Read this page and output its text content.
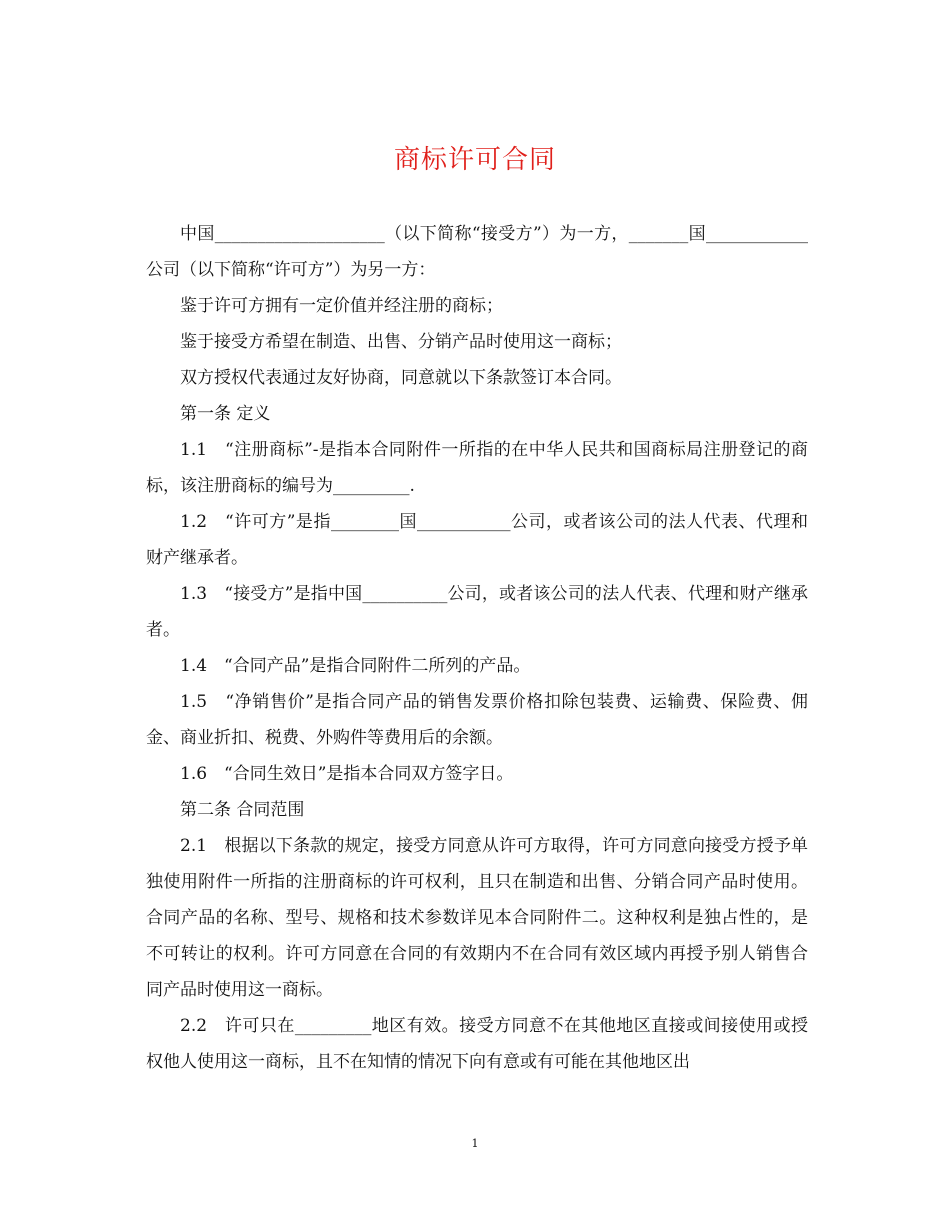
商标许可合同

中国____________________（以下简称“接受方”）为一方，_______国____________公司（以下简称“许可方”）为另一方：

鉴于许可方拥有一定价值并经注册的商标；

鉴于接受方希望在制造、出售、分销产品时使用这一商标；

双方授权代表通过友好协商，同意就以下条款签订本合同。

第一条 定义

1.1　“注册商标”-是指本合同附件一所指的在中华人民共和国商标局注册登记的商标，该注册商标的编号为_________.

1.2　“许可方”是指________国___________公司，或者该公司的法人代表、代理和财产继承者。

1.3　“接受方”是指中国__________公司，或者该公司的法人代表、代理和财产继承者。

1.4　“合同产品”是指合同附件二所列的产品。

1.5　“净销售价”是指合同产品的销售发票价格扣除包装费、运输费、保险费、佣金、商业折扣、税费、外购件等费用后的余额。

1.6　“合同生效日”是指本合同双方签字日。

第二条 合同范围

2.1　根据以下条款的规定，接受方同意从许可方取得，许可方同意向接受方授予单独使用附件一所指的注册商标的许可权利，且只在制造和出售、分销合同产品时使用。合同产品的名称、型号、规格和技术参数详见本合同附件二。这种权利是独占性的，是不可转让的权利。许可方同意在合同的有效期内不在合同有效区域内再授予别人销售合同产品时使用这一商标。

2.2　许可只在_________地区有效。接受方同意不在其他地区直接或间接使用或授权他人使用这一商标，且不在知情的情况下向有意或有可能在其他地区出

1
